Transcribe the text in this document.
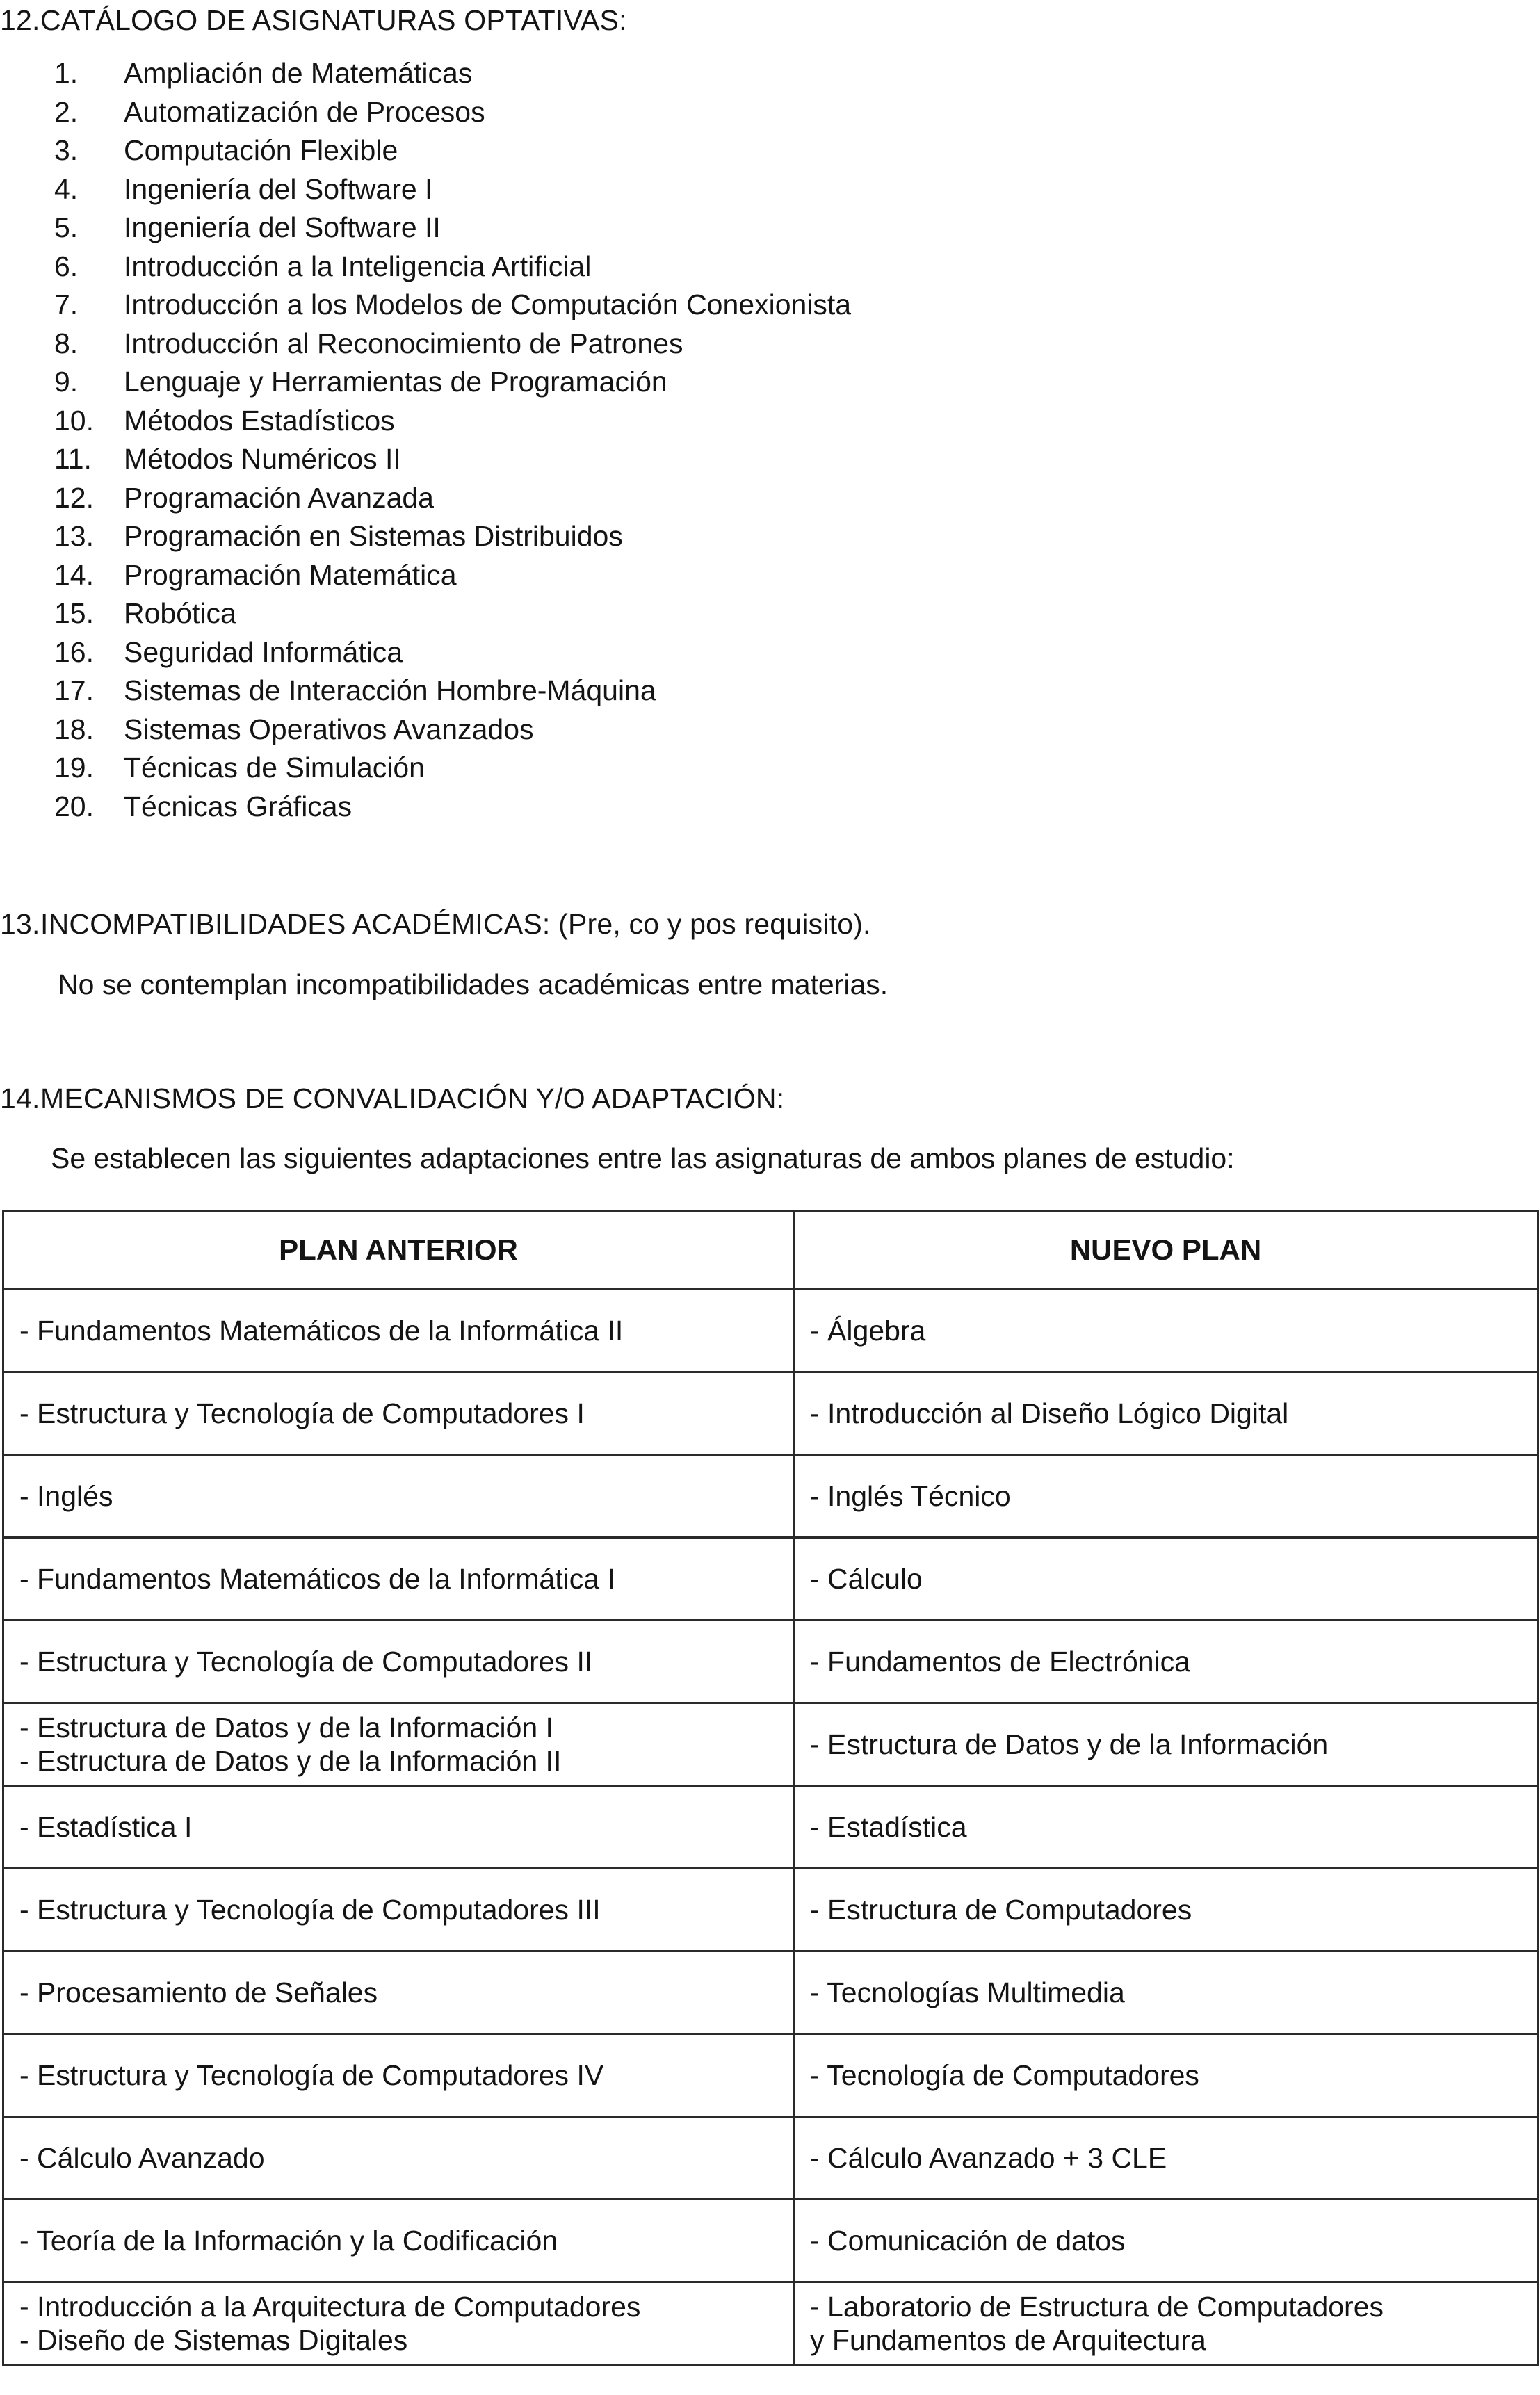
12.CATÁLOGO DE ASIGNATURAS OPTATIVAS:
1. Ampliación de Matemáticas
2. Automatización de Procesos
3. Computación Flexible
4. Ingeniería del Software I
5. Ingeniería del Software II
6. Introducción a la Inteligencia Artificial
7. Introducción a los Modelos de Computación Conexionista
8. Introducción al Reconocimiento de Patrones
9. Lenguaje y Herramientas de Programación
10. Métodos Estadísticos
11. Métodos Numéricos II
12. Programación Avanzada
13. Programación en Sistemas Distribuidos
14. Programación Matemática
15. Robótica
16. Seguridad Informática
17. Sistemas de Interacción Hombre-Máquina
18. Sistemas Operativos Avanzados
19. Técnicas de Simulación
20. Técnicas Gráficas
13.INCOMPATIBILIDADES ACADÉMICAS: (Pre, co y pos requisito).
No se contemplan incompatibilidades académicas entre materias.
14.MECANISMOS DE CONVALIDACIÓN Y/O ADAPTACIÓN:
Se establecen las siguientes adaptaciones entre las asignaturas de ambos planes de estudio:
PLAN ANTERIOR	NUEVO PLAN

- Fundamentos Matemáticos de la Informática II	- Álgebra

- Estructura y Tecnología de Computadores I	- Introducción al Diseño Lógico Digital

- Inglés	- Inglés Técnico

- Fundamentos Matemáticos de la Informática I	- Cálculo

- Estructura y Tecnología de Computadores II	- Fundamentos de Electrónica

- Estructura de Datos y de la Información I
- Estructura de Datos y de la Información II	- Estructura de Datos y de la Información

- Estadística I	- Estadística

- Estructura y Tecnología de Computadores III	- Estructura de Computadores

- Procesamiento de Señales	- Tecnologías Multimedia

- Estructura y Tecnología de Computadores IV	- Tecnología de Computadores

- Cálculo Avanzado	- Cálculo Avanzado + 3 CLE

- Teoría de la Información y la Codificación	- Comunicación de datos

- Introducción a la Arquitectura de Computadores
- Diseño de Sistemas Digitales	- Laboratorio de Estructura de Computadores
y Fundamentos de Arquitectura
